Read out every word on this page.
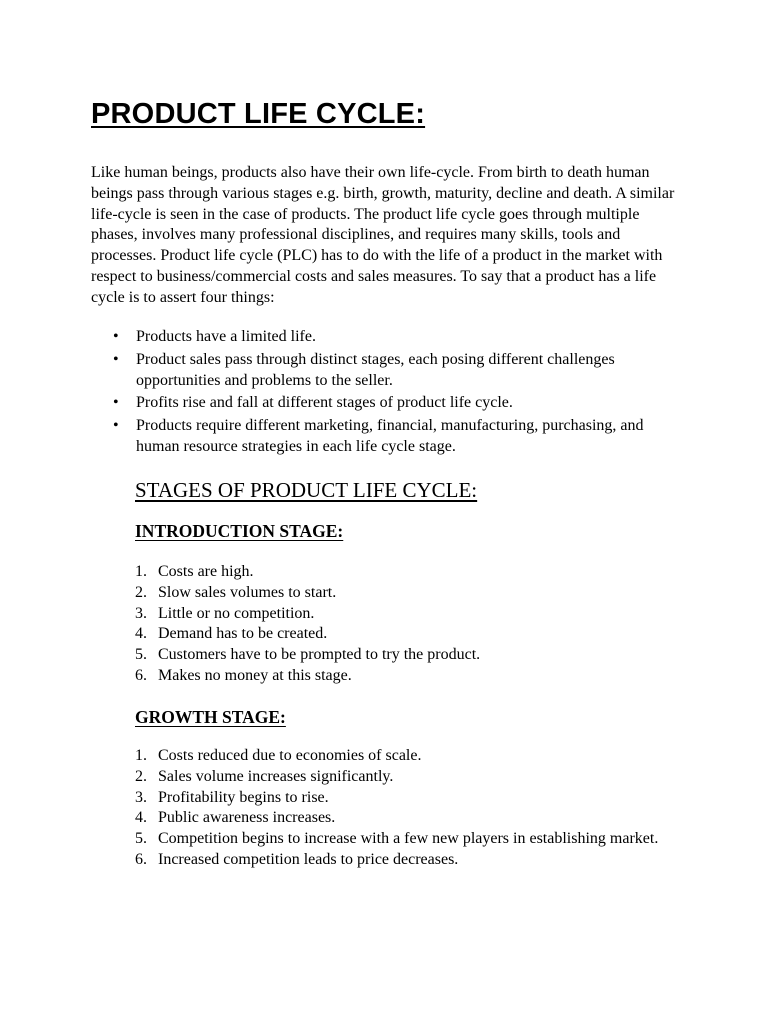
PRODUCT LIFE CYCLE:

Like human beings, products also have their own life-cycle. From birth to death human beings pass through various stages e.g. birth, growth, maturity, decline and death. A similar life-cycle is seen in the case of products. The product life cycle goes through multiple phases, involves many professional disciplines, and requires many skills, tools and processes. Product life cycle (PLC) has to do with the life of a product in the market with respect to business/commercial costs and sales measures. To say that a product has a life cycle is to assert four things:

• Products have a limited life.
• Product sales pass through distinct stages, each posing different challenges opportunities and problems to the seller.
• Profits rise and fall at different stages of product life cycle.
• Products require different marketing, financial, manufacturing, purchasing, and human resource strategies in each life cycle stage.
STAGES OF PRODUCT LIFE CYCLE:
INTRODUCTION STAGE:
1. Costs are high.
2. Slow sales volumes to start.
3. Little or no competition.
4. Demand has to be created.
5. Customers have to be prompted to try the product.
6. Makes no money at this stage.
GROWTH STAGE:
1. Costs reduced due to economies of scale.
2. Sales volume increases significantly.
3. Profitability begins to rise.
4. Public awareness increases.
5. Competition begins to increase with a few new players in establishing market.
6. Increased competition leads to price decreases.
